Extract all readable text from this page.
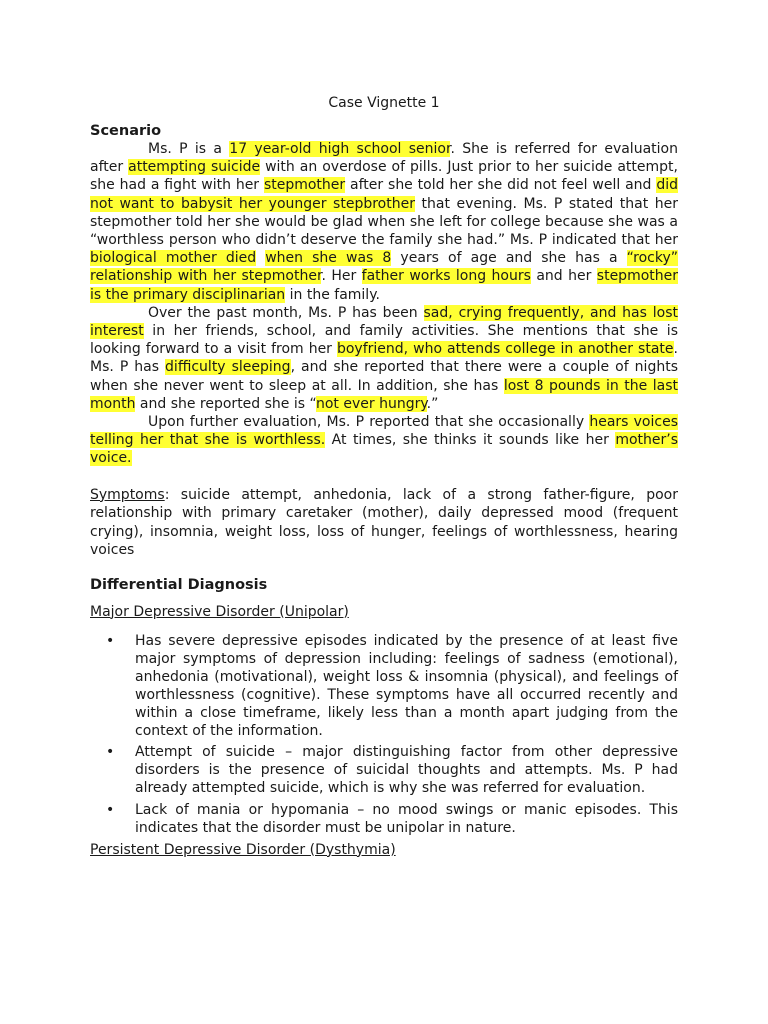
Case Vignette 1
Scenario

Ms. P is a 17 year-old high school senior. She is referred for evaluation after attempting suicide with an overdose of pills. Just prior to her suicide attempt, she had a fight with her stepmother after she told her she did not feel well and did not want to babysit her younger stepbrother that evening. Ms. P stated that her stepmother told her she would be glad when she left for college because she was a “worthless person who didn’t deserve the family she had.” Ms. P indicated that her biological mother died when she was 8 years of age and she has a “rocky” relationship with her stepmother. Her father works long hours and her stepmother is the primary disciplinarian in the family.

Over the past month, Ms. P has been sad, crying frequently, and has lost interest in her friends, school, and family activities. She mentions that she is looking forward to a visit from her boyfriend, who attends college in another state. Ms. P has difficulty sleeping, and she reported that there were a couple of nights when she never went to sleep at all. In addition, she has lost 8 pounds in the last month and she reported she is “not ever hungry.”

Upon further evaluation, Ms. P reported that she occasionally hears voices telling her that she is worthless. At times, she thinks it sounds like her mother’s voice.

Symptoms: suicide attempt, anhedonia, lack of a strong father-figure, poor relationship with primary caretaker (mother), daily depressed mood (frequent crying), insomnia, weight loss, loss of hunger, feelings of worthlessness, hearing voices
Differential Diagnosis
Major Depressive Disorder (Unipolar)
• Has severe depressive episodes indicated by the presence of at least five major symptoms of depression including: feelings of sadness (emotional), anhedonia (motivational), weight loss & insomnia (physical), and feelings of worthlessness (cognitive). These symptoms have all occurred recently and within a close timeframe, likely less than a month apart judging from the context of the information.
• Attempt of suicide – major distinguishing factor from other depressive disorders is the presence of suicidal thoughts and attempts. Ms. P had already attempted suicide, which is why she was referred for evaluation.
• Lack of mania or hypomania – no mood swings or manic episodes. This indicates that the disorder must be unipolar in nature.
Persistent Depressive Disorder (Dysthymia)
